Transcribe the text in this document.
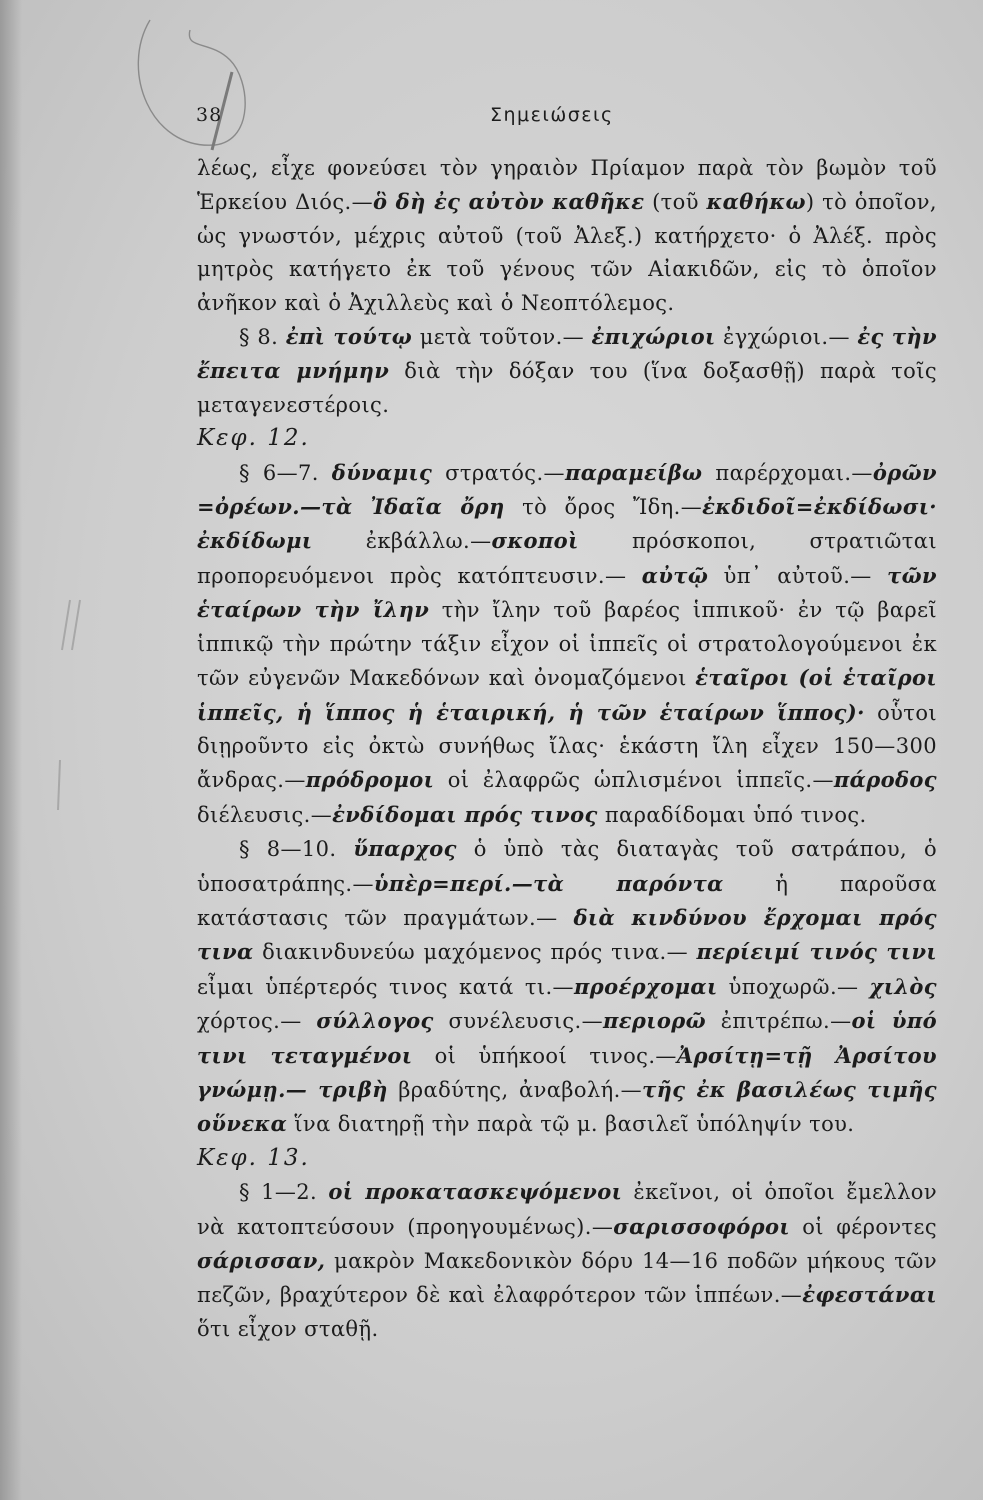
38	Σημειώσεις

λέως, εἶχε φονεύσει τὸν γηραιὸν Πρίαμον παρὰ τὸν βωμὸν τοῦ Ἑρκείου Διός.—ὃ δὴ ἐς αὐτὸν καθῆκε (τοῦ καθήκω) τὸ ὁποῖον, ὡς γνωστόν, μέχρις αὐτοῦ (τοῦ Ἀλεξ.) κατήρχετο· ὁ Ἀλέξ. πρὸς μητρὸς κατήγετο ἐκ τοῦ γένους τῶν Αἰακιδῶν, εἰς τὸ ὁποῖον ἀνῆκον καὶ ὁ Ἀχιλλεὺς καὶ ὁ Νεοπτόλεμος.

§ 8. ἐπὶ τούτῳ μετὰ τοῦτον.— ἐπιχώριοι ἐγχώριοι.— ἐς τὴν ἔπειτα μνήμην διὰ τὴν δόξαν του (ἵνα δοξασθῇ) παρὰ τοῖς μεταγενεστέροις.

Κεφ. 12.

§ 6—7. δύναμις στρατός.—παραμείβω παρέρχομαι.—ὀρῶν =ὀρέων.—τὰ Ἰδαῖα ὄρη τὸ ὄρος Ἴδη.—ἐκδιδοῖ=ἐκδίδωσι· ἐκδίδωμι ἐκβάλλω.—σκοποὶ πρόσκοποι, στρατιῶται προπορευόμενοι πρὸς κατόπτευσιν.— αὐτῷ ὑπ᾿ αὐτοῦ.— τῶν ἑταίρων τὴν ἴλην τὴν ἴλην τοῦ βαρέος ἱππικοῦ· ἐν τῷ βαρεῖ ἱππικῷ τὴν πρώτην τάξιν εἶχον οἱ ἱππεῖς οἱ στρατολογούμενοι ἐκ τῶν εὐγενῶν Μακεδόνων καὶ ὀνομαζόμενοι ἑταῖροι (οἱ ἑταῖροι ἱππεῖς, ἡ ἵππος ἡ ἑταιρική, ἡ τῶν ἑταίρων ἵππος)· οὗτοι διῃροῦντο εἰς ὀκτὼ συνήθως ἴλας· ἑκάστη ἴλη εἶχεν 150—300 ἄνδρας.—πρόδρομοι οἱ ἐλαφρῶς ὡπλισμένοι ἱππεῖς.—πάροδος διέλευσις.—ἐνδίδομαι πρός τινος παραδίδομαι ὑπό τινος.

§ 8—10. ὕπαρχος ὁ ὑπὸ τὰς διαταγὰς τοῦ σατράπου, ὁ ὑποσατράπης.—ὑπὲρ=περί.—τὰ παρόντα ἡ παροῦσα κατάστασις τῶν πραγμάτων.— διὰ κινδύνου ἔρχομαι πρός τινα διακινδυνεύω μαχόμενος πρός τινα.— περίειμί τινός τινι εἶμαι ὑπέρτερός τινος κατά τι.—προέρχομαι ὑποχωρῶ.— χιλὸς χόρτος.— σύλλογος συνέλευσις.—περιορῶ ἐπιτρέπω.—οἱ ὑπό τινι τεταγμένοι οἱ ὑπήκοοί τινος.—Ἀρσίτῃ=τῇ Ἀρσίτου γνώμῃ.— τριβὴ βραδύτης, ἀναβολή.—τῆς ἐκ βασιλέως τιμῆς οὕνεκα ἵνα διατηρῇ τὴν παρὰ τῷ μ. βασιλεῖ ὑπόληψίν του.

Κεφ. 13.

§ 1—2. οἱ προκατασκεψόμενοι ἐκεῖνοι, οἱ ὁποῖοι ἔμελλον νὰ κατοπτεύσουν (προηγουμένως).—σαρισσοφόροι οἱ φέροντες σάρισσαν, μακρὸν Μακεδονικὸν δόρυ 14—16 ποδῶν μήκους τῶν πεζῶν, βραχύτερον δὲ καὶ ἐλαφρότερον τῶν ἱππέων.—ἐφεστάναι ὅτι εἶχον σταθῇ.
